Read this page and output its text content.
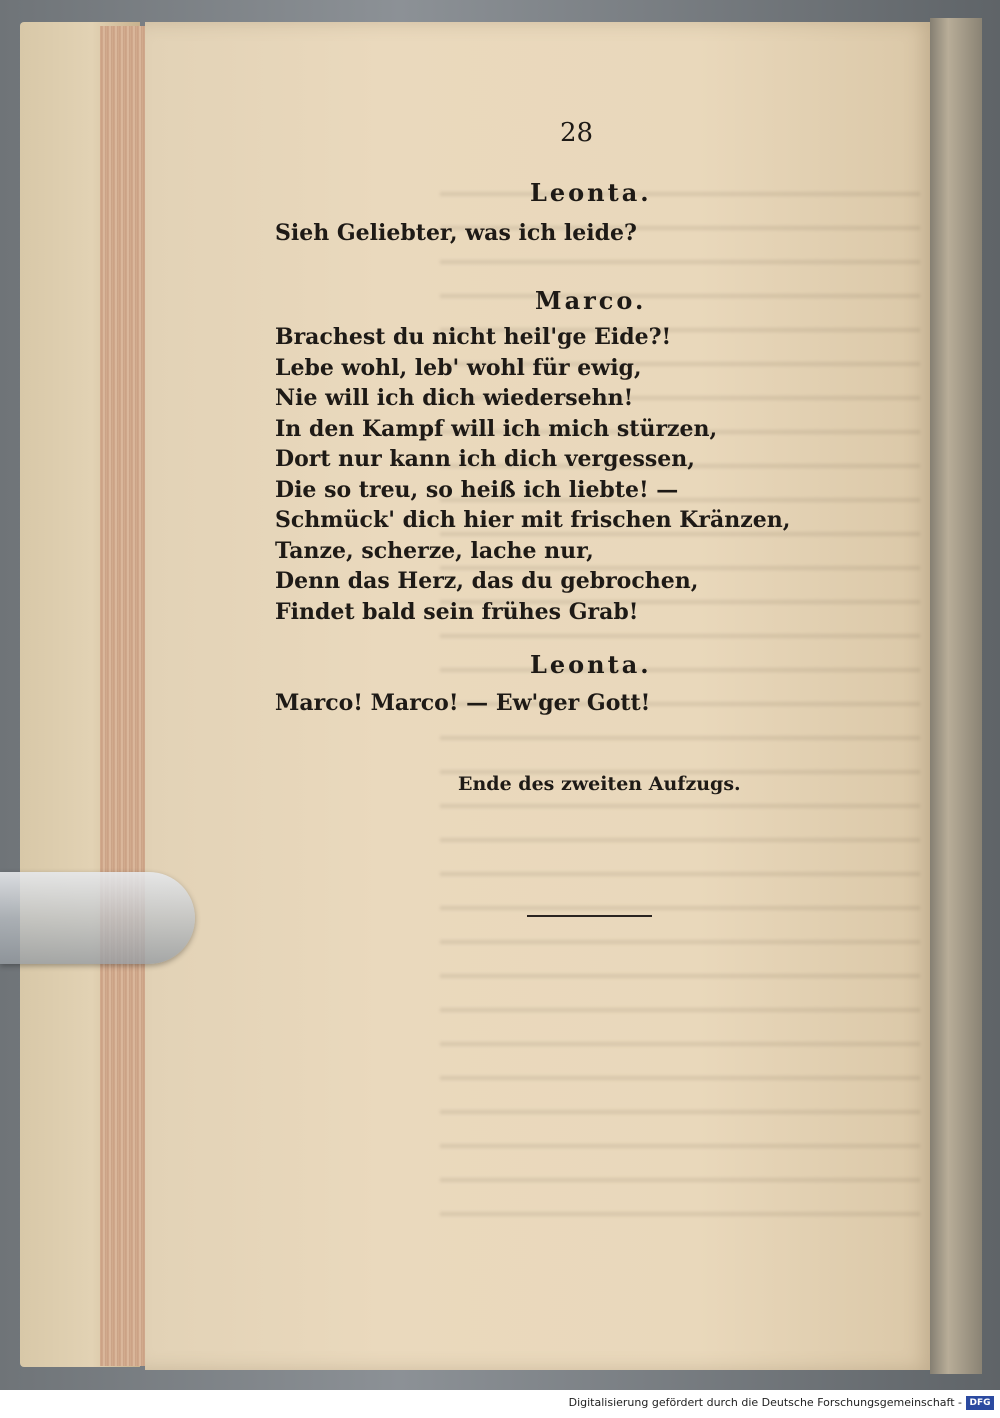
28
Leonta.
Sieh Geliebter, was ich leide?
Marco.
Brachest du nicht heil'ge Eide?!
Lebe wohl, leb' wohl für ewig,
Nie will ich dich wiedersehn!
In den Kampf will ich mich stürzen,
Dort nur kann ich dich vergessen,
Die so treu, so heiß ich liebte! —
Schmück' dich hier mit frischen Kränzen,
Tanze, scherze, lache nur,
Denn das Herz, das du gebrochen,
Findet bald sein frühes Grab!
Leonta.
Marco! Marco! — Ew'ger Gott!
Ende des zweiten Aufzugs.
Digitalisierung gefördert durch die Deutsche Forschungsgemeinschaft - DFG
